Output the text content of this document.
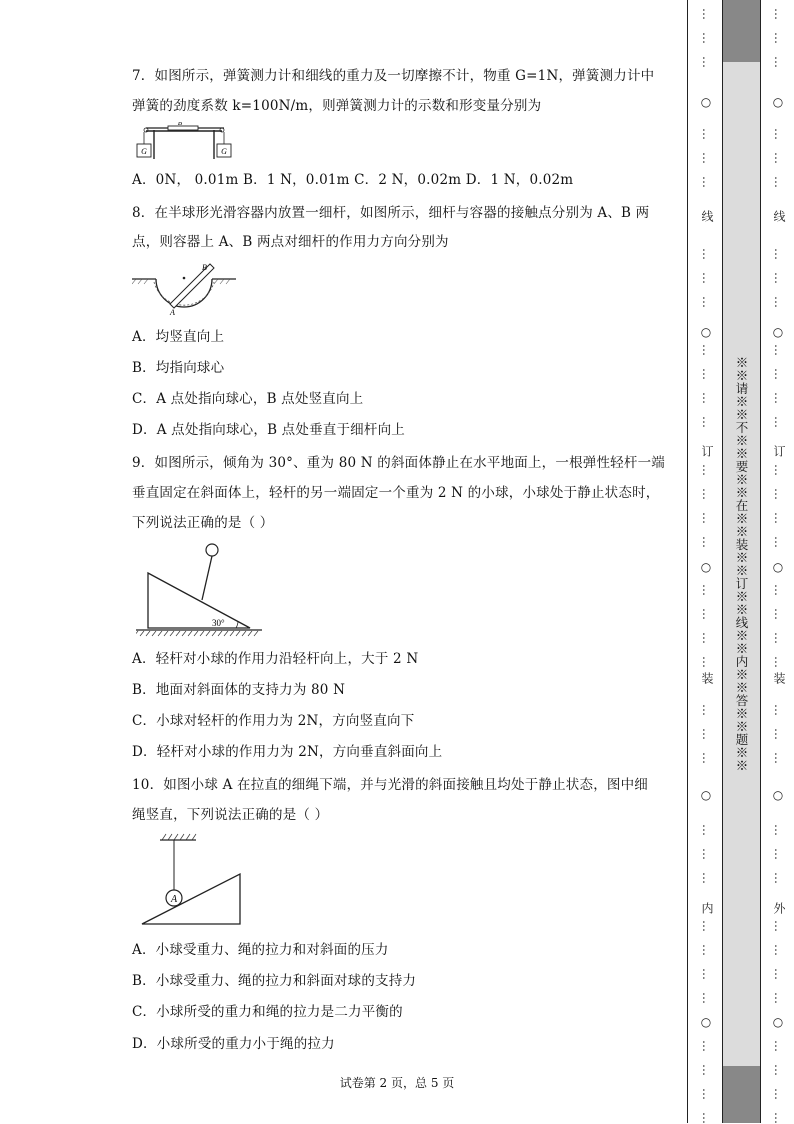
7．如图所示，弹簧测力计和细线的重力及一切摩擦不计，物重 G=1N，弹簧测力计中
弹簧的劲度系数 k=100N/m，则弹簧测力计的示数和形变量分别为
G	G
B
A．0N， 0.01m B．1 N，0.01m C．2 N，0.02m D．1 N，0.02m
8．在半球形光滑容器内放置一细杆，如图所示，细杆与容器的接触点分别为 A、B 两
点，则容器上 A、B 两点对细杆的作用力方向分别为
B
A
A．均竖直向上
B．均指向球心
C．A 点处指向球心，B 点处竖直向上
D．A 点处指向球心，B 点处垂直于细杆向上
9．如图所示，倾角为 30°、重为 80 N 的斜面体静止在水平地面上，一根弹性轻杆一端
垂直固定在斜面体上，轻杆的另一端固定一个重为 2 N 的小球，小球处于静止状态时，
下列说法正确的是（ ）
30°
A．轻杆对小球的作用力沿轻杆向上，大于 2 N
B．地面对斜面体的支持力为 80 N
C．小球对轻杆的作用力为 2N，方向竖直向下
D．轻杆对小球的作用力为 2N，方向垂直斜面向上
10．如图小球 A 在拉直的细绳下端，并与光滑的斜面接触且均处于静止状态，图中细
绳竖直，下列说法正确的是（ ）
A
A．小球受重力、绳的拉力和对斜面的压力
B．小球受重力、绳的拉力和斜面对球的支持力
C．小球所受的重力和绳的拉力是二力平衡的
D．小球所受的重力小于绳的拉力
试卷第 2 页，总 5 页
※※请※※不※※要※※在※※装※※订※※线※※内※※答※※题※※
…
…
…
…
…
…
…
…
…
…
…
…
…
…
…
…
…
…
…
…
…
…
…
…
…
…
…
…
…
…
…
…
…
…
…
○
○
○
○
○
线
订
装
内
…
…
…
…
…
…
…
…
…
…
…
…
…
…
…
…
…
…
…
…
…
…
…
…
…
…
…
…
…
…
…
…
…
…
…
○
○
○
○
○
线
订
装
外
